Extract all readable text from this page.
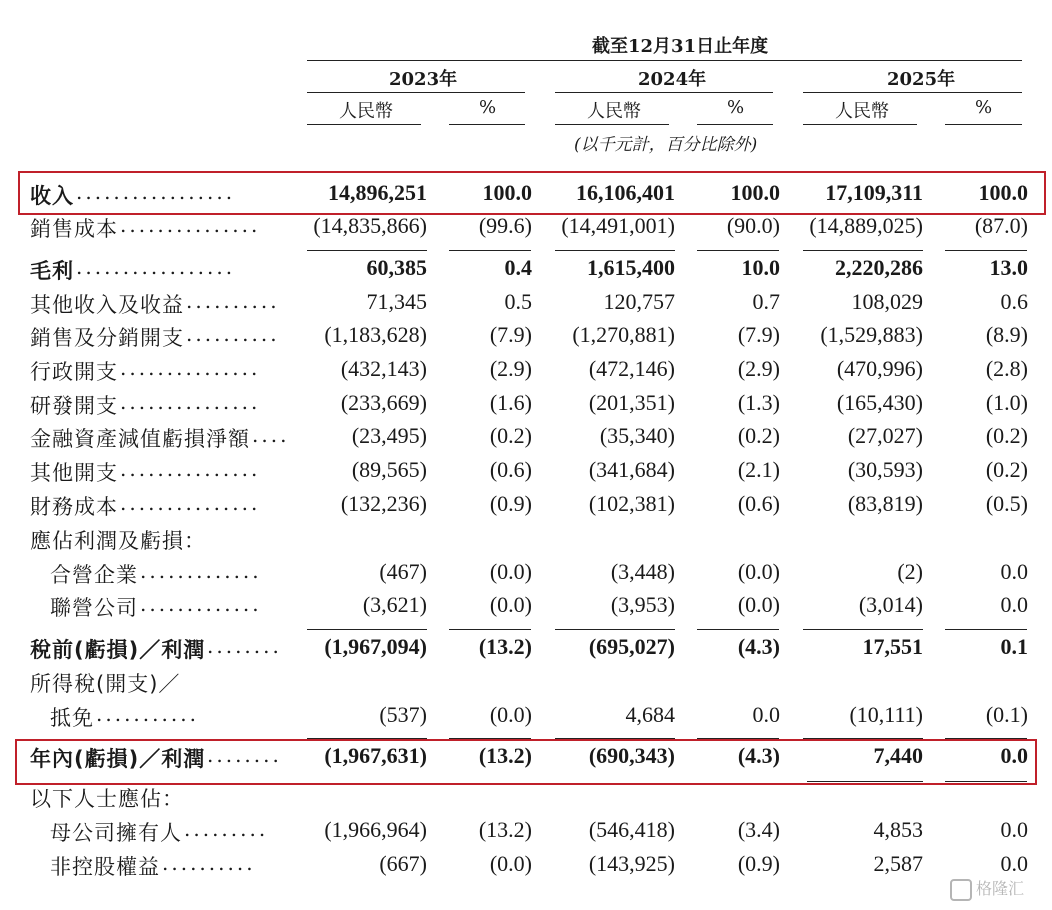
截至12月31日止年度
2023年	2024年	2025年
人民幣	%	人民幣	%	人民幣	%
(以千元計，百分比除外)
收入 .................	14,896,251	100.0 16,106,401	100.0 17,109,311	100.0
銷售成本 ............... (14,835,866) (99.6) (14,491,001) (90.0) (14,889,025) (87.0)
毛利 .................	60,385	0.4	1,615,400	10.0	2,220,286	13.0
其他收入及收益 ..........	71,345	0.5	120,757	0.7	108,029	0.6
銷售及分銷開支 .......... (1,183,628)	(7.9) (1,270,881)	(7.9) (1,529,883)	(8.9)
行政開支 ...............	(432,143)	(2.9)	(472,146)	(2.9)	(470,996)	(2.8)
研發開支 ...............	(233,669)	(1.6)	(201,351)	(1.3)	(165,430)	(1.0)
金融資產減值虧損淨額 ....	(23,495)	(0.2)	(35,340)	(0.2)	(27,027)	(0.2)
其他開支 ...............	(89,565)	(0.6)	(341,684)	(2.1)	(30,593)	(0.2)
財務成本 ...............	(132,236)	(0.9)	(102,381)	(0.6)	(83,819)	(0.5)
應佔利潤及虧損：
合營企業 .............	(467)	(0.0)	(3,448)	(0.0)	(2)	0.0
聯營公司 .............	(3,621)	(0.0)	(3,953)	(0.0)	(3,014)	0.0
稅前(虧損)／利潤 ........ (1,967,094) (13.2)	(695,027)	(4.3)	17,551	0.1
所得稅(開支)／
抵免 ...........	(537)	(0.0)	4,684	0.0	(10,111)	(0.1)
年內(虧損)／利潤 ........ (1,967,631) (13.2)	(690,343)	(4.3)	7,440	0.0
以下人士應佔：
母公司擁有人 .........	(1,966,964) (13.2)	(546,418)	(3.4)	4,853	0.0
非控股權益 ..........	(667)	(0.0)	(143,925)	(0.9)	2,587	0.0
格隆汇
